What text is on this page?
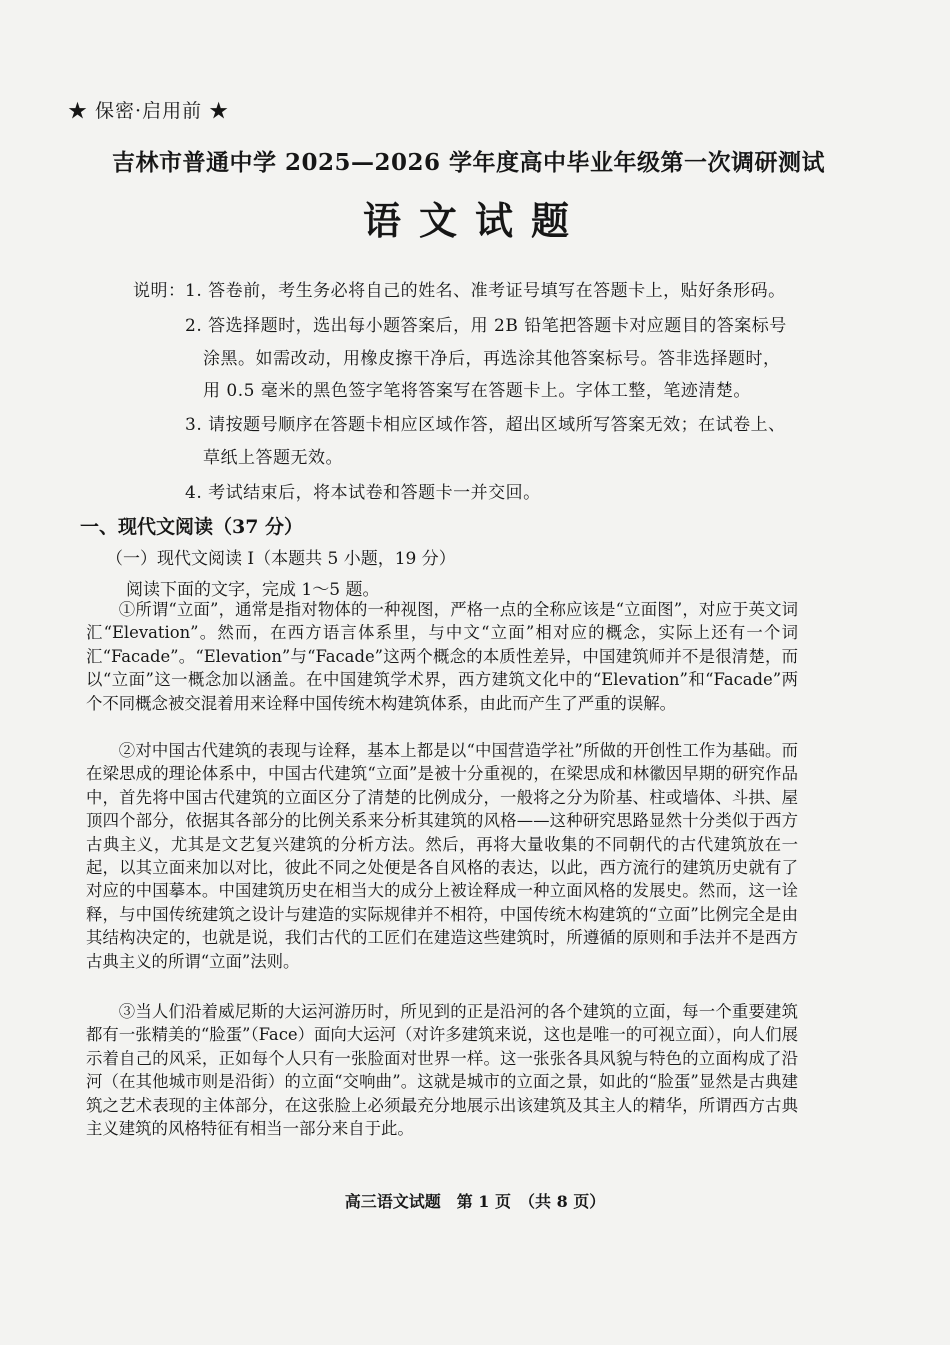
★ 保密·启用前 ★
吉林市普通中学 2025—2026 学年度高中毕业年级第一次调研测试
语文试题
说明： 1. 答卷前，考生务必将自己的姓名、准考证号填写在答题卡上，贴好条形码。
2. 答选择题时，选出每小题答案后，用 2B 铅笔把答题卡对应题目的答案标号
涂黑。如需改动，用橡皮擦干净后，再选涂其他答案标号。答非选择题时，
用 0.5 毫米的黑色签字笔将答案写在答题卡上。字体工整，笔迹清楚。
3. 请按题号顺序在答题卡相应区域作答，超出区域所写答案无效；在试卷上、
草纸上答题无效。
4. 考试结束后，将本试卷和答题卡一并交回。
一、现代文阅读（37 分）
（一）现代文阅读 I（本题共 5 小题，19 分）
阅读下面的文字，完成 1～5 题。
①所谓“立面”，通常是指对物体的一种视图，严格一点的全称应该是“立面图”，对应于英文词汇“Elevation”。然而，在西方语言体系里，与中文“立面”相对应的概念，实际上还有一个词汇“Facade”。“Elevation”与“Facade”这两个概念的本质性差异，中国建筑师并不是很清楚，而以“立面”这一概念加以涵盖。在中国建筑学术界，西方建筑文化中的“Elevation”和“Facade”两个不同概念被交混着用来诠释中国传统木构建筑体系，由此而产生了严重的误解。
②对中国古代建筑的表现与诠释，基本上都是以“中国营造学社”所做的开创性工作为基础。而在梁思成的理论体系中，中国古代建筑“立面”是被十分重视的，在梁思成和林徽因早期的研究作品中，首先将中国古代建筑的立面区分了清楚的比例成分，一般将之分为阶基、柱或墙体、斗拱、屋顶四个部分，依据其各部分的比例关系来分析其建筑的风格——这种研究思路显然十分类似于西方古典主义，尤其是文艺复兴建筑的分析方法。然后，再将大量收集的不同朝代的古代建筑放在一起，以其立面来加以对比，彼此不同之处便是各自风格的表达，以此，西方流行的建筑历史就有了对应的中国摹本。中国建筑历史在相当大的成分上被诠释成一种立面风格的发展史。然而，这一诠释，与中国传统建筑之设计与建造的实际规律并不相符，中国传统木构建筑的“立面”比例完全是由其结构决定的，也就是说，我们古代的工匠们在建造这些建筑时，所遵循的原则和手法并不是西方古典主义的所谓“立面”法则。
③当人们沿着威尼斯的大运河游历时，所见到的正是沿河的各个建筑的立面，每一个重要建筑都有一张精美的“脸蛋”（Face）面向大运河（对许多建筑来说，这也是唯一的可视立面），向人们展示着自己的风采，正如每个人只有一张脸面对世界一样。这一张张各具风貌与特色的立面构成了沿河（在其他城市则是沿街）的立面“交响曲”。这就是城市的立面之景，如此的“脸蛋”显然是古典建筑之艺术表现的主体部分，在这张脸上必须最充分地展示出该建筑及其主人的精华，所谓西方古典主义建筑的风格特征有相当一部分来自于此。
高三语文试题　第 1 页　（共 8 页）
